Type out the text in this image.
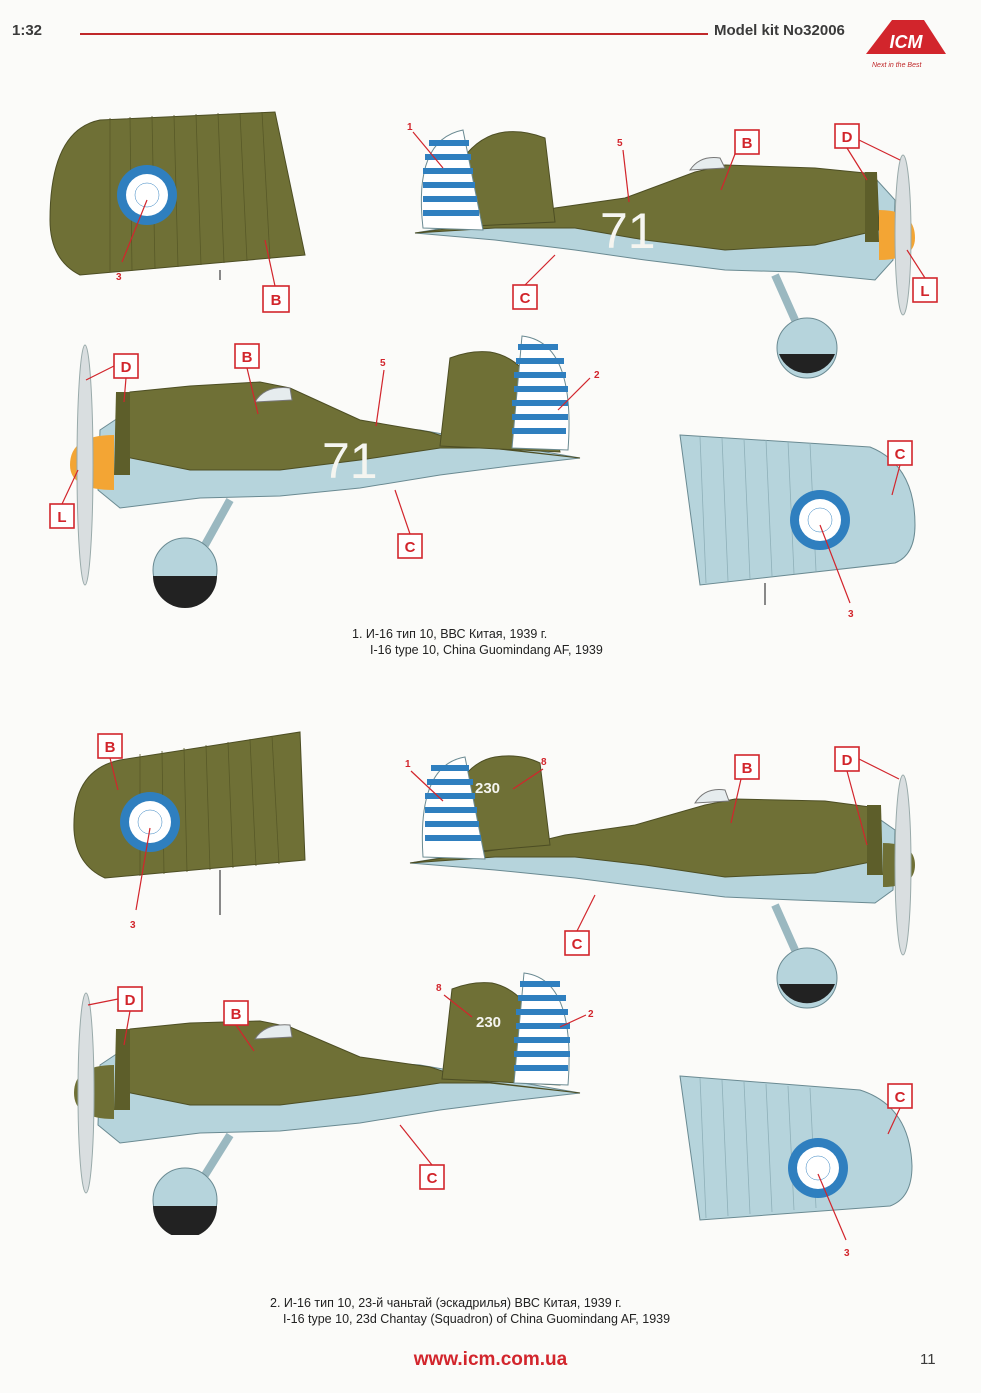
1:32	Model kit No32006
ICM
Next in the Best
3
B
71
1
5	B
C
D
L
71
D
B	5
2
L
C
C
3
1. И-16 тип 10, ВВС Китая, 1939 г.
I-16 type 10, China Guomindang AF, 1939
B
3
230
1	8	B	D
C
230
D
B
8
2
C
C
3
2. И-16 тип 10, 23-й чаньтай (эскадрилья) ВВС Китая, 1939 г.
I-16 type 10, 23d Chantay (Squadron) of China Guomindang AF, 1939
www.icm.com.ua	11
